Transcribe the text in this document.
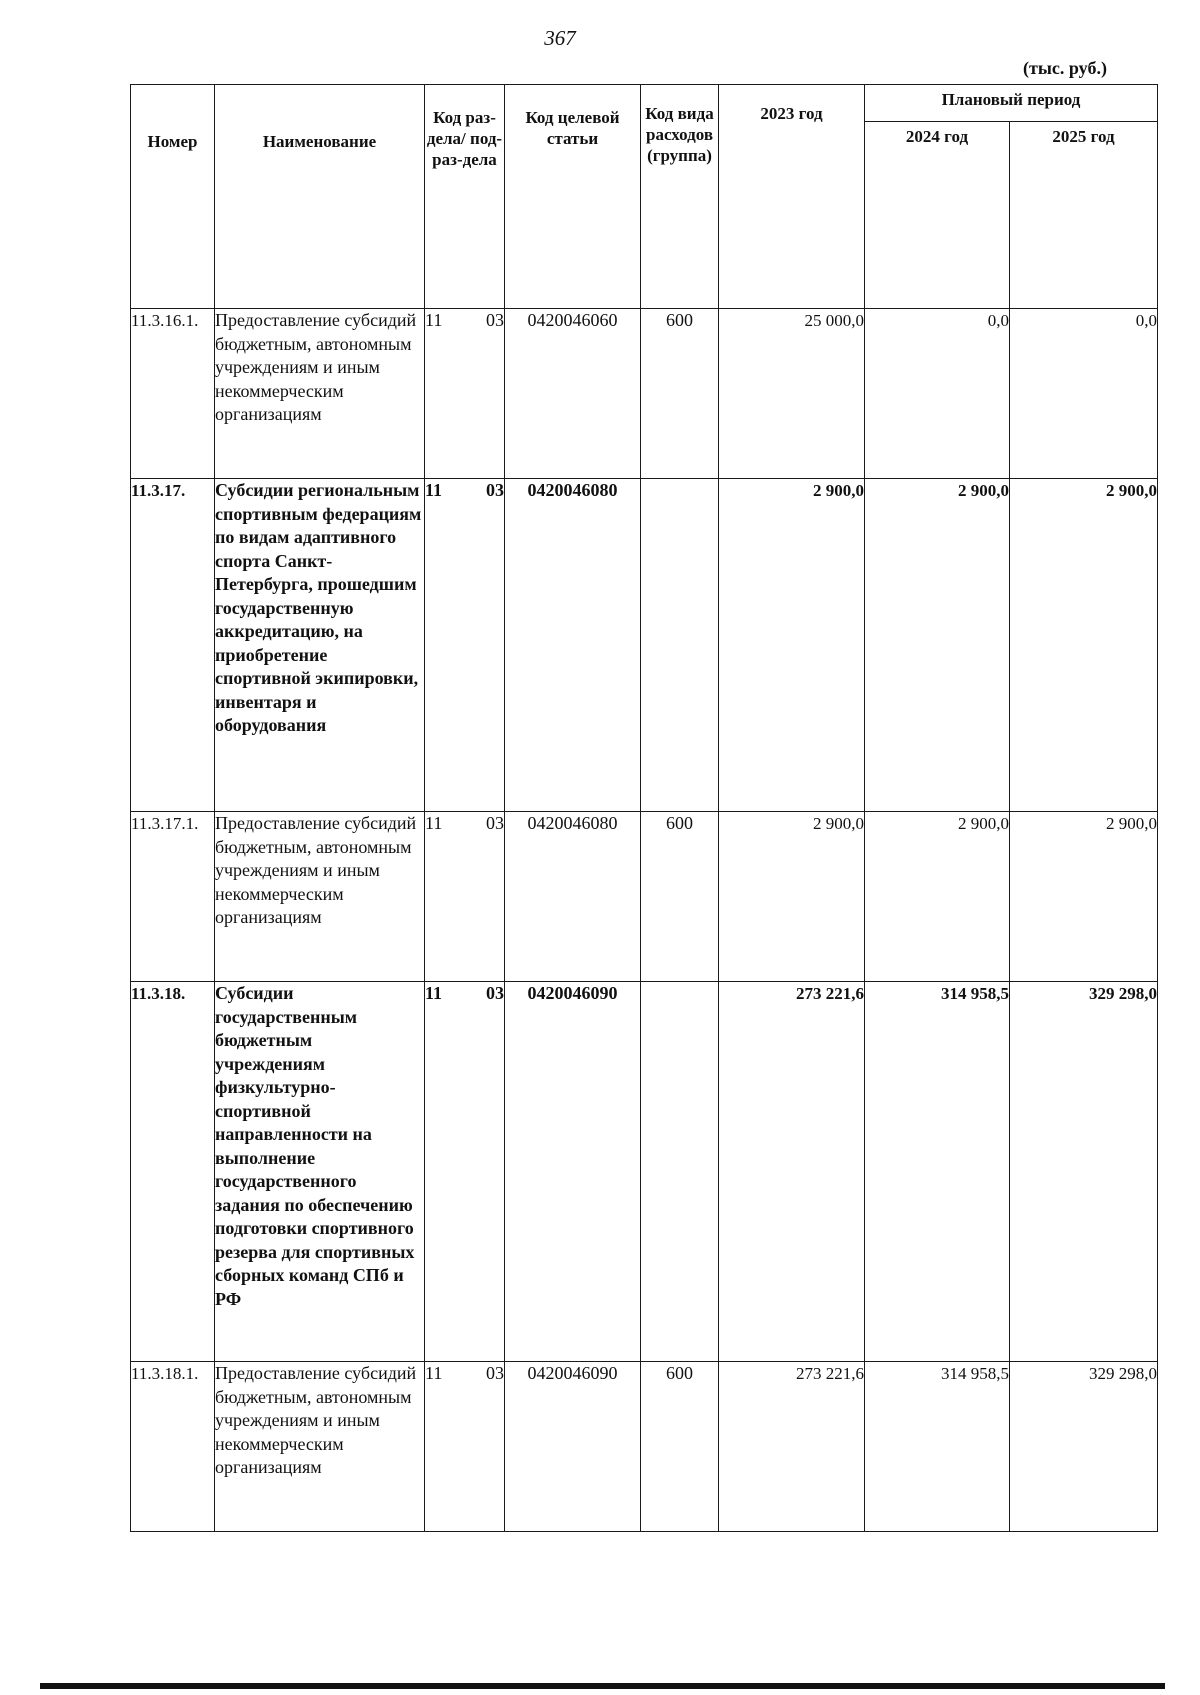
367
(тыс. руб.)
Номер	Наименование	Код раз-дела/ под-раз-дела	Код целевой статьи	Код вида расходов (группа)	2023 год	Плановый период	
						2024 год	2025 год
11.3.16.1.	Предоставление субсидий бюджетным, автономным учреждениям и иным некоммерческим организациям	11 03	0420046060	600	25 000,0	0,0	0,0
11.3.17.	Субсидии региональным спортивным федерациям по видам адаптивного спорта Санкт-Петербурга, прошедшим государственную аккредитацию, на приобретение спортивной экипировки, инвентаря и оборудования	11 03	0420046080		2 900,0	2 900,0	2 900,0
11.3.17.1.	Предоставление субсидий бюджетным, автономным учреждениям и иным некоммерческим организациям	11 03	0420046080	600	2 900,0	2 900,0	2 900,0
11.3.18.	Субсидии государственным бюджетным учреждениям физкультурно-спортивной направленности на выполнение государственного задания по обеспечению подготовки спортивного резерва для спортивных сборных команд СПб и РФ	11 03	0420046090		273 221,6	314 958,5	329 298,0
11.3.18.1.	Предоставление субсидий бюджетным, автономным учреждениям и иным некоммерческим организациям	11 03	0420046090	600	273 221,6	314 958,5	329 298,0
